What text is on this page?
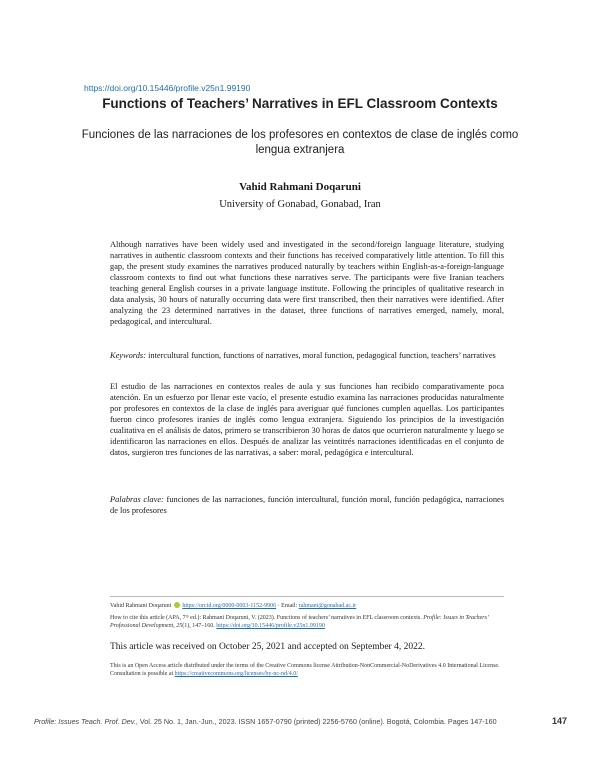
https://doi.org/10.15446/profile.v25n1.99190
Functions of Teachers’ Narratives in EFL Classroom Contexts
Funciones de las narraciones de los profesores en contextos de clase de inglés como lengua extranjera
Vahid Rahmani Doqaruni
University of Gonabad, Gonabad, Iran
Although narratives have been widely used and investigated in the second/foreign language literature, studying narratives in authentic classroom contexts and their functions has received comparatively little attention. To fill this gap, the present study examines the narratives produced naturally by teachers within English-as-a-foreign-language classroom contexts to find out what functions these narratives serve. The participants were five Iranian teachers teaching general English courses in a private language institute. Following the principles of qualitative research in data analysis, 30 hours of naturally occurring data were first transcribed, then their narratives were identified. After analyzing the 23 determined narratives in the dataset, three functions of narratives emerged, namely, moral, pedagogical, and intercultural.
Keywords: intercultural function, functions of narratives, moral function, pedagogical function, teachers’ narratives
El estudio de las narraciones en contextos reales de aula y sus funciones han recibido comparativamente poca atención. En un esfuerzo por llenar este vacío, el presente estudio examina las narraciones producidas naturalmente por profesores en contextos de la clase de inglés para averiguar qué funciones cumplen aquellas. Los participantes fueron cinco profesores iraníes de inglés como lengua extranjera. Siguiendo los principios de la investigación cualitativa en el análisis de datos, primero se transcribieron 30 horas de datos que ocurrieron naturalmente y luego se identificaron las narraciones en ellos. Después de analizar las veintitrés narraciones identificadas en el conjunto de datos, surgieron tres funciones de las narrativas, a saber: moral, pedagógica e intercultural.
Palabras clave: funciones de las narraciones, función intercultural, función moral, función pedagógica, narraciones de los profesores
Vahid Rahmani Doqaruni https://orcid.org/0000-0003-1152-9906 · Email: rahmani@gonabad.ac.ir
How to cite this article (APA, 7ᵗʰ ed.): Rahmani Doqaruni, V. (2023). Functions of teachers’ narratives in EFL classroom contexts. Profile: Issues in Teachers’ Professional Development, 25(1), 147–160. https://doi.org/10.15446/profile.v25n1.99190
This article was received on October 25, 2021 and accepted on September 4, 2022.
This is an Open Access article distributed under the terms of the Creative Commons license Attribution-NonCommercial-NoDerivatives 4.0 International License. Consultation is possible at https://creativecommons.org/licenses/by-nc-nd/4.0/
Profile: Issues Teach. Prof. Dev., Vol. 25 No. 1, Jan.-Jun., 2023. ISSN 1657-0790 (printed) 2256-5760 (online). Bogotá, Colombia. Pages 147-160	147
